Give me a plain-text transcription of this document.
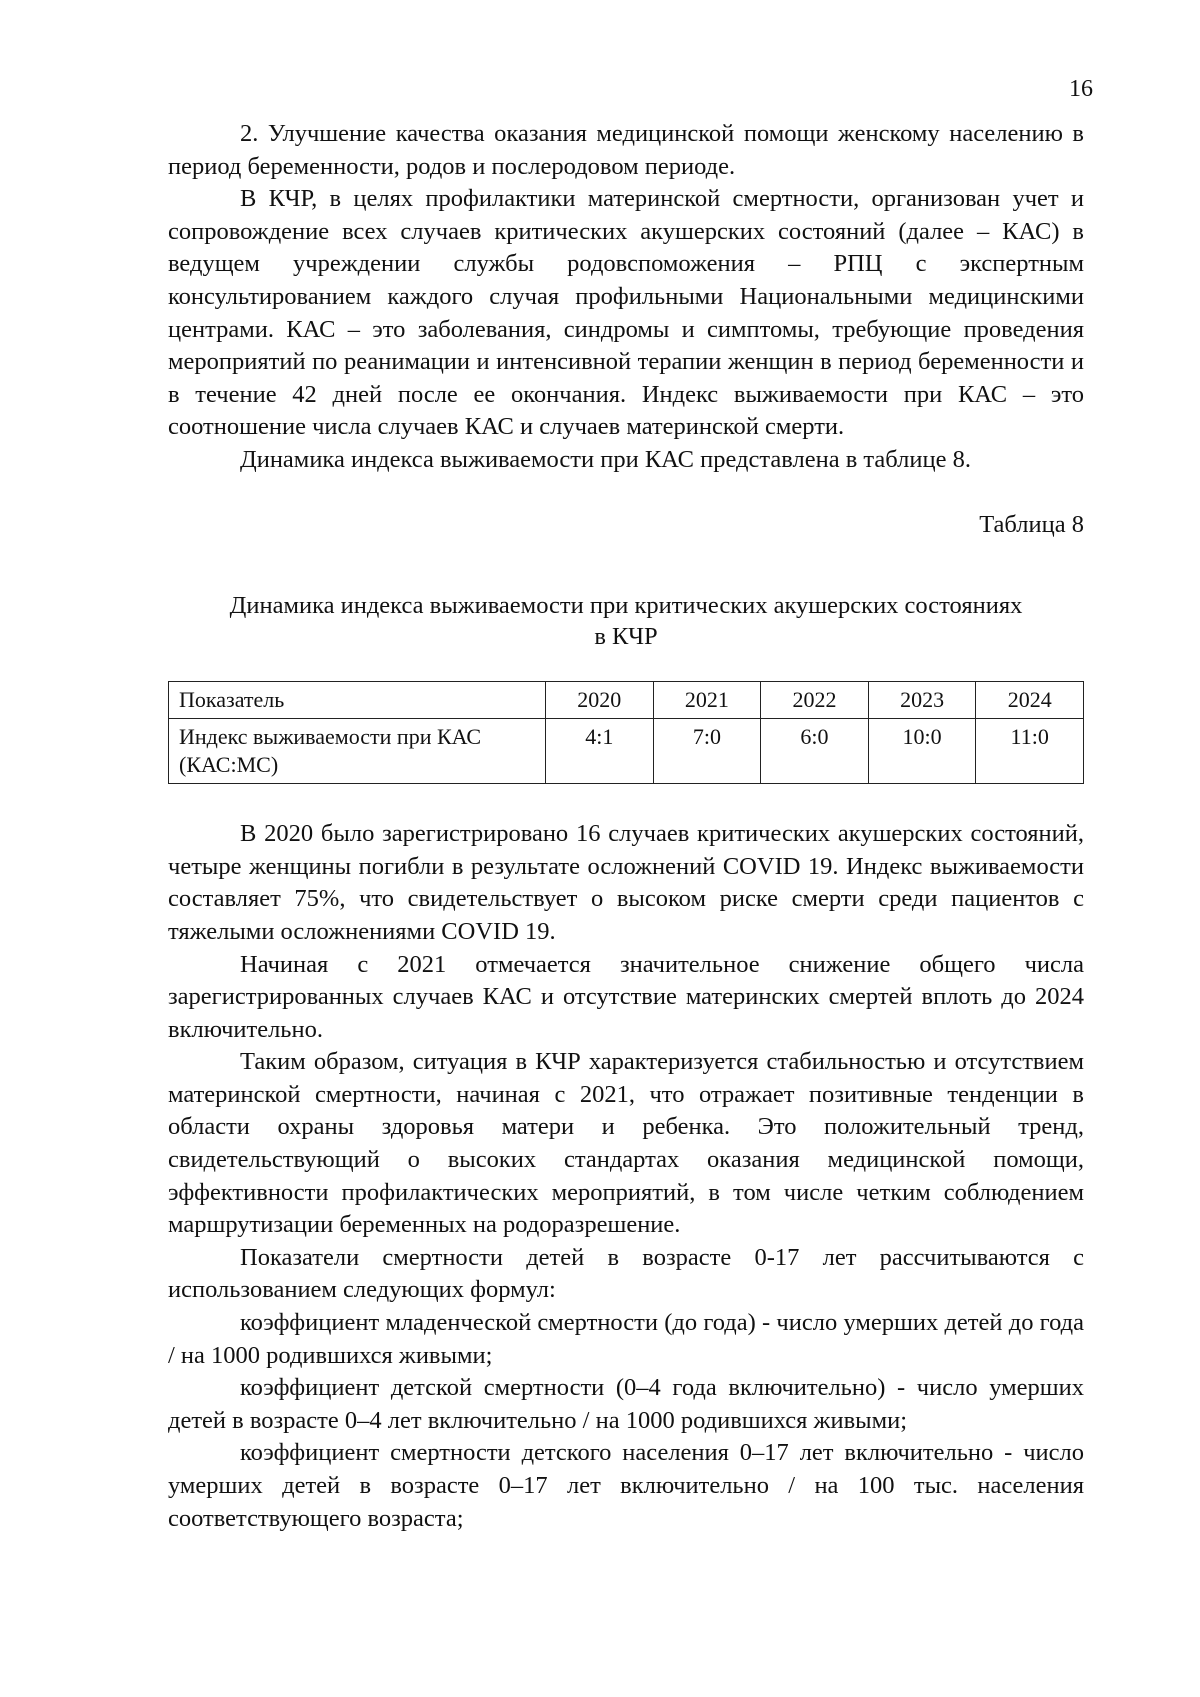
16

2. Улучшение качества оказания медицинской помощи женскому населению в период беременности, родов и послеродовом периоде.

В КЧР, в целях профилактики материнской смертности, организован учет и сопровождение всех случаев критических акушерских состояний (далее – КАС) в ведущем учреждении службы родовспоможения – РПЦ с экспертным консультированием каждого случая профильными Национальными медицинскими центрами. КАС – это заболевания, синдромы и симптомы, требующие проведения мероприятий по реанимации и интенсивной терапии женщин в период беременности и в течение 42 дней после ее окончания. Индекс выживаемости при КАС – это соотношение числа случаев КАС и случаев материнской смерти.

Динамика индекса выживаемости при КАС представлена в таблице 8.

Таблица 8

Динамика индекса выживаемости при критических акушерских состояниях в КЧР

Показатель	2020	2021	2022	2023	2024
Индекс выживаемости при КАС (КАС:МС)	4:1	7:0	6:0	10:0	11:0

В 2020 было зарегистрировано 16 случаев критических акушерских состояний, четыре женщины погибли в результате осложнений COVID 19. Индекс выживаемости составляет 75%, что свидетельствует о высоком риске смерти среди пациентов с тяжелыми осложнениями COVID 19.

Начиная с 2021 отмечается значительное снижение общего числа зарегистрированных случаев КАС и отсутствие материнских смертей вплоть до 2024 включительно.

Таким образом, ситуация в КЧР характеризуется стабильностью и отсутствием материнской смертности, начиная с 2021, что отражает позитивные тенденции в области охраны здоровья матери и ребенка. Это положительный тренд, свидетельствующий о высоких стандартах оказания медицинской помощи, эффективности профилактических мероприятий, в том числе четким соблюдением маршрутизации беременных на родоразрешение.

Показатели смертности детей в возрасте 0-17 лет рассчитываются с использованием следующих формул:

коэффициент младенческой смертности (до года) - число умерших детей до года / на 1000 родившихся живыми;

коэффициент детской смертности (0–4 года включительно) - число умерших детей в возрасте 0–4 лет включительно / на 1000 родившихся живыми;

коэффициент смертности детского населения 0–17 лет включительно - число умерших детей в возрасте 0–17 лет включительно / на 100 тыс. населения соответствующего возраста;
